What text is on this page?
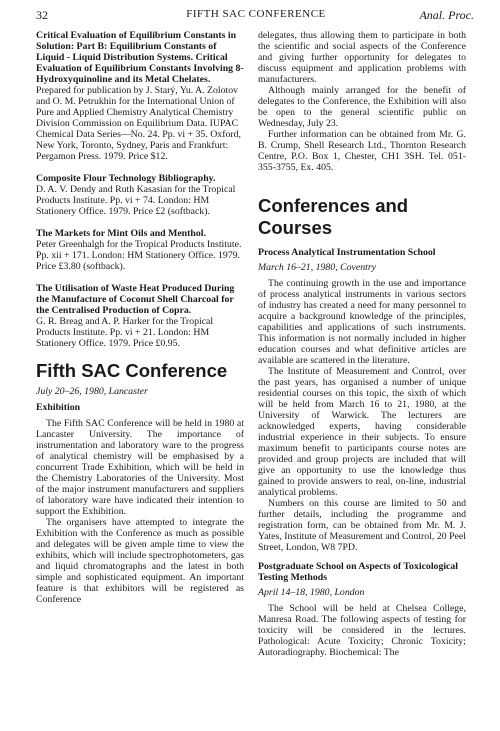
32	FIFTH SAC CONFERENCE	Anal. Proc.
Critical Evaluation of Equilibrium Constants in Solution: Part B: Equilibrium Constants of Liquid - Liquid Distribution Systems. Critical Evaluation of Equilibrium Constants Involving 8-Hydroxyquinoline and its Metal Chelates.
Prepared for publication by J. Starý, Yu. A. Zolotov and O. M. Petrukhin for the International Union of Pure and Applied Chemistry Analytical Chemistry Division Commission on Equilibrium Data. IUPAC Chemical Data Series—No. 24. Pp. vi + 35. Oxford, New York, Toronto, Sydney, Paris and Frankfurt: Pergamon Press. 1979. Price $12.
Composite Flour Technology Bibliography.
D. A. V. Dendy and Ruth Kasasian for the Tropical Products Institute. Pp. vi + 74. London: HM Stationery Office. 1979. Price £2 (softback).
The Markets for Mint Oils and Menthol.
Peter Greenhalgh for the Tropical Products Institute. Pp. xii + 171. London: HM Stationery Office. 1979. Price £3.80 (softback).
The Utilisation of Waste Heat Produced During the Manufacture of Coconut Shell Charcoal for the Centralised Production of Copra.
G. R. Breag and A. P. Harker for the Tropical Products Institute. Pp. vi + 21. London: HM Stationery Office. 1979. Price £0.95.
Fifth SAC Conference
July 20–26, 1980, Lancaster
Exhibition

The Fifth SAC Conference will be held in 1980 at Lancaster University. The importance of instrumentation and laboratory ware to the progress of analytical chemistry will be emphasised by a concurrent Trade Exhibition, which will be held in the Chemistry Laboratories of the University. Most of the major instrument manufacturers and suppliers of laboratory ware have indicated their intention to support the Exhibition.

The organisers have attempted to integrate the Exhibition with the Conference as much as possible and delegates will be given ample time to view the exhibits, which will include spectrophotometers, gas and liquid chromatographs and the latest in both simple and sophisticated equipment. An important feature is that exhibitors will be registered as Conference

delegates, thus allowing them to participate in both the scientific and social aspects of the Conference and giving further opportunity for delegates to discuss equipment and application problems with manufacturers.

Although mainly arranged for the benefit of delegates to the Conference, the Exhibition will also be open to the general scientific public on Wednesday, July 23.

Further information can be obtained from Mr. G. B. Crump, Shell Research Ltd., Thornton Research Centre, P.O. Box 1, Chester, CH1 3SH. Tel. 051-355-3755, Ex. 405.

Conferences and Courses
Process Analytical Instrumentation School
March 16–21, 1980, Coventry

The continuing growth in the use and importance of process analytical instruments in various sectors of industry has created a need for many personnel to acquire a background knowledge of the principles, capabilities and applications of such instruments. This information is not normally included in higher education courses and what definitive articles are available are scattered in the literature.

The Institute of Measurement and Control, over the past years, has organised a number of unique residential courses on this topic, the sixth of which will be held from March 16 to 21, 1980, at the University of Warwick. The lecturers are acknowledged experts, having considerable industrial experience in their subjects. To ensure maximum benefit to participants course notes are provided and group projects are included that will give an opportunity to use the knowledge thus gained to provide answers to real, on-line, industrial analytical problems.

Numbers on this course are limited to 50 and further details, including the programme and registration form, can be obtained from Mr. M. J. Yates, Institute of Measurement and Control, 20 Peel Street, London, W8 7PD.

Postgraduate School on Aspects of Toxicological Testing Methods
April 14–18, 1980, London

The School will be held at Chelsea College, Manresa Road. The following aspects of testing for toxicity will be considered in the lectures. Pathological: Acute Toxicity; Chronic Toxicity; Autoradiography. Biochemical: The
